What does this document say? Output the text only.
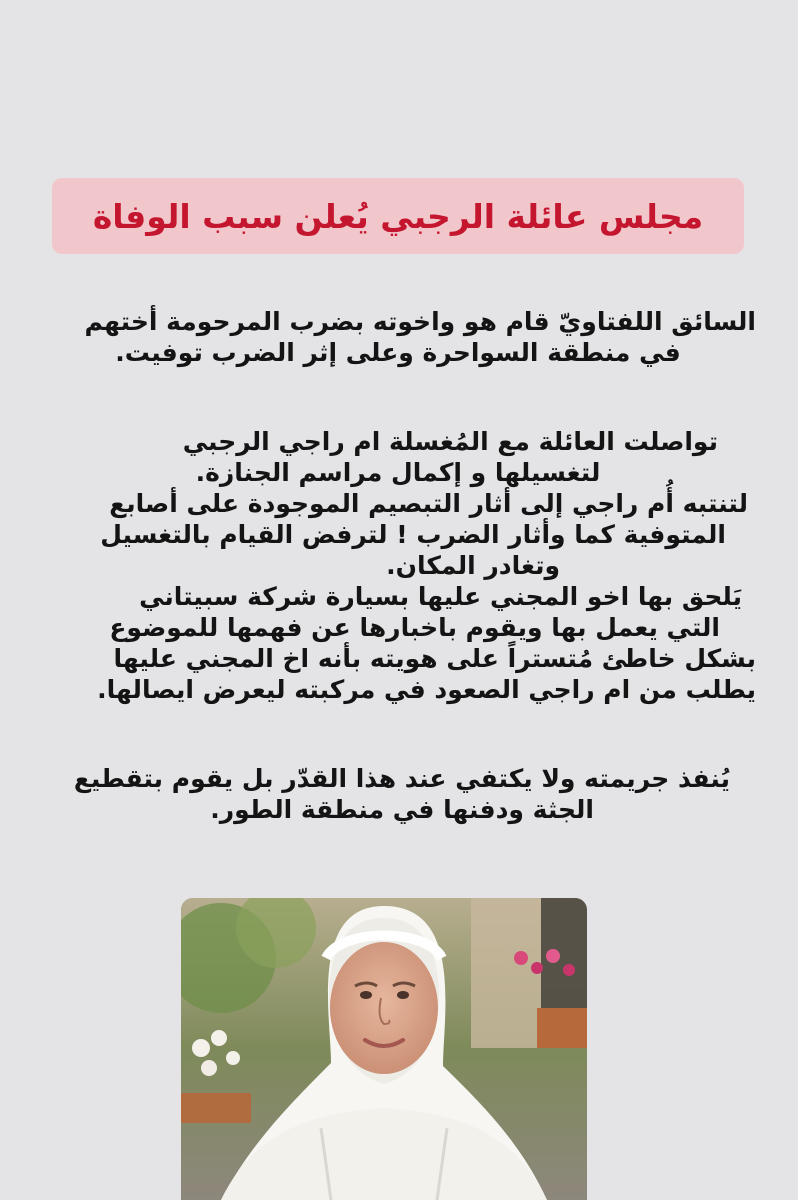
مجلس عائلة الرجبي يُعلن سبب الوفاة
السائق اللفتاويّ قام هو واخوته بضرب المرحومة أختهم
في منطقة السواحرة وعلى إثر الضرب توفيت.
تواصلت العائلة مع المُغسلة ام راجي الرجبي
لتغسيلها و إكمال مراسم الجنازة.
لتنتبه أُم راجي إلى أثار التبصيم الموجودة على أصابع
المتوفية كما وأثار الضرب ! لترفض القيام بالتغسيل
وتغادر المكان.
يَلحق بها اخو المجني عليها بسيارة شركة سبيتاني
التي يعمل بها ويقوم باخبارها عن فهمها للموضوع
بشكل خاطئ مُتستراً على هويته بأنه اخ المجني عليها
يطلب من ام راجي الصعود في مركبته ليعرض ايصالها.
يُنفذ جريمته ولا يكتفي عند هذا القدّر بل يقوم بتقطيع
الجثة ودفنها في منطقة الطور.
